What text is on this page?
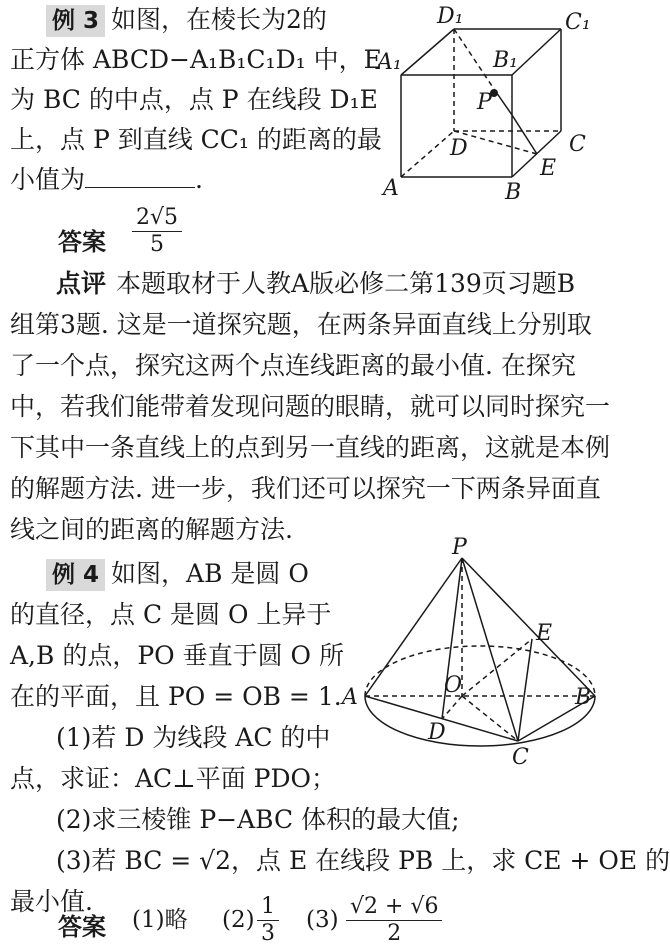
例 3 如图，在棱长为2的
正方体 ABCD−A₁B₁C₁D₁ 中，E
为 BC 的中点，点 P 在线段 D₁E
上，点 P 到直线 CC₁ 的距离的最
小值为	.
答案 $\frac{2√5}{5}$
D₁	C₁
A₁	B₁
P
D	C
E
A	B
点评 本题取材于人教A版必修二第139页习题B
组第3题. 这是一道探究题，在两条异面直线上分别取
了一个点，探究这两个点连线距离的最小值. 在探究
中，若我们能带着发现问题的眼睛，就可以同时探究一
下其中一条直线上的点到另一直线的距离，这就是本例
的解题方法. 进一步，我们还可以探究一下两条异面直
线之间的距离的解题方法.
例 4 如图，AB 是圆 O
的直径，点 C 是圆 O 上异于
A,B 的点，PO 垂直于圆 O 所
在的平面，且 PO = OB = 1.
(1)若 D 为线段 AC 的中
点，求证：AC⊥平面 PDO；
(2)求三棱锥 P−ABC 体积的最大值;
(3)若 BC = √2，点 E 在线段 PB 上，求 CE + OE 的
最小值.
P
E
A	O	B
D
C
答案 (1)略 $(2) \frac{1}{3} (3) \frac{√2 + √6}{2}$
